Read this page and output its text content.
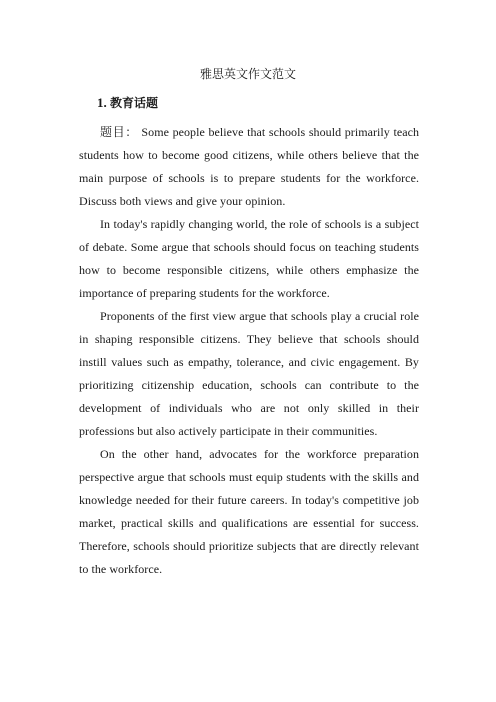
雅思英文作文范文
1. 教育话题

题目： Some people believe that schools should primarily teach students how to become good citizens, while others believe that the main purpose of schools is to prepare students for the workforce. Discuss both views and give your opinion.

In today's rapidly changing world, the role of schools is a subject of debate. Some argue that schools should focus on teaching students how to become responsible citizens, while others emphasize the importance of preparing students for the workforce.

Proponents of the first view argue that schools play a crucial role in shaping responsible citizens. They believe that schools should instill values such as empathy, tolerance, and civic engagement. By prioritizing citizenship education, schools can contribute to the development of individuals who are not only skilled in their professions but also actively participate in their communities.

On the other hand, advocates for the workforce preparation perspective argue that schools must equip students with the skills and knowledge needed for their future careers. In today's competitive job market, practical skills and qualifications are essential for success. Therefore, schools should prioritize subjects that are directly relevant to the workforce.
